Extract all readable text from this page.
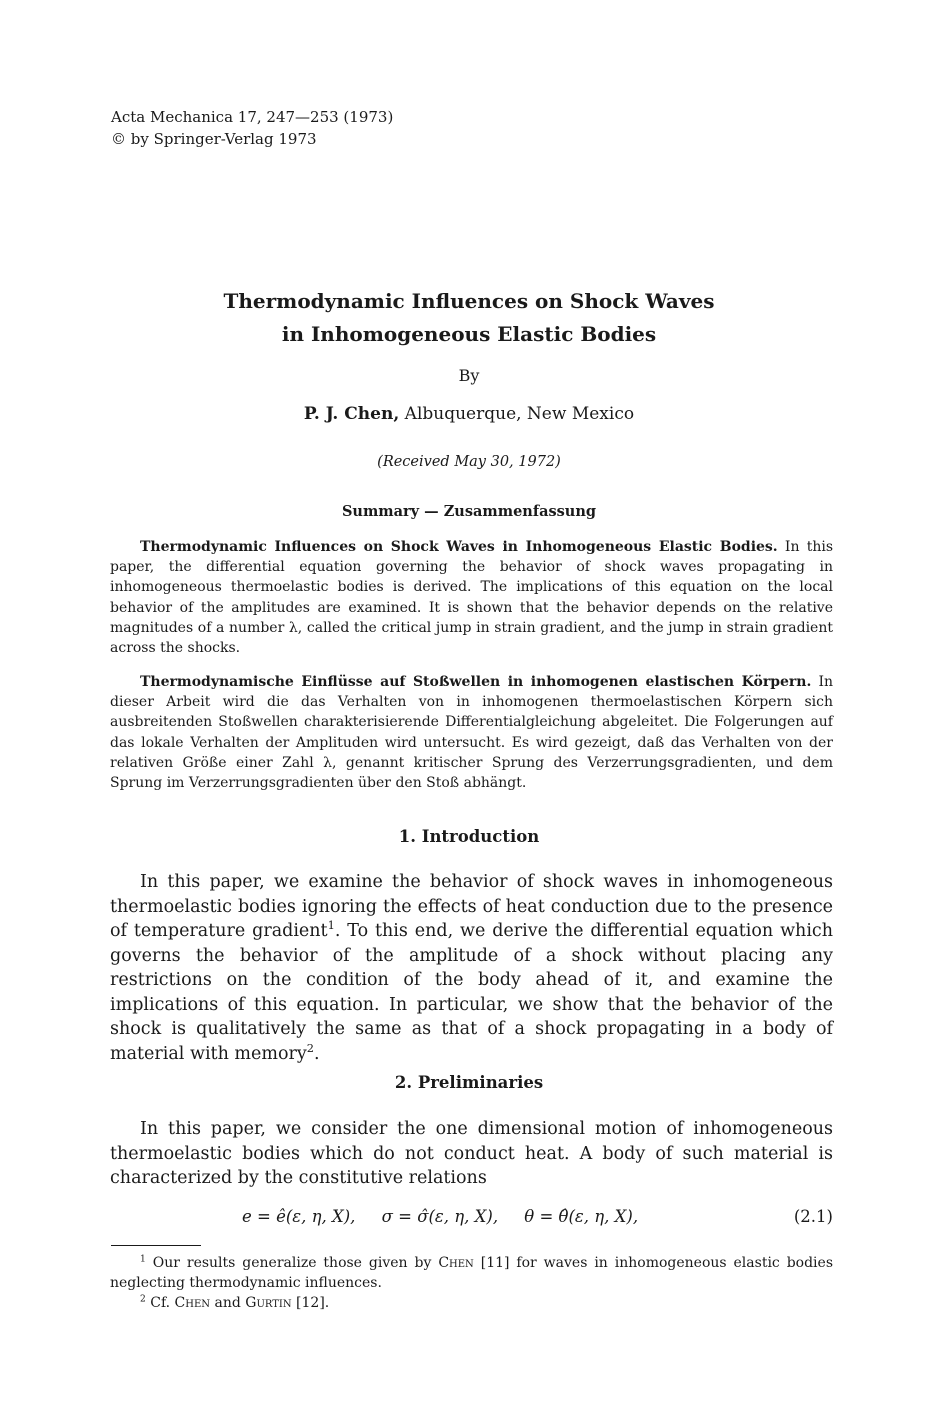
Acta Mechanica 17, 247—253 (1973)
© by Springer-Verlag 1973
Thermodynamic Influences on Shock Waves
in Inhomogeneous Elastic Bodies
By
P. J. Chen, Albuquerque, New Mexico
(Received May 30, 1972)
Summary — Zusammenfassung
Thermodynamic Influences on Shock Waves in Inhomogeneous Elastic Bodies. In this paper, the differential equation governing the behavior of shock waves propagating in inhomogeneous thermoelastic bodies is derived. The implications of this equation on the local behavior of the amplitudes are examined. It is shown that the behavior depends on the relative magnitudes of a number λ, called the critical jump in strain gradient, and the jump in strain gradient across the shocks.
Thermodynamische Einflüsse auf Stoßwellen in inhomogenen elastischen Körpern. In dieser Arbeit wird die das Verhalten von in inhomogenen thermoelastischen Körpern sich ausbreitenden Stoßwellen charakterisierende Differentialgleichung abgeleitet. Die Folgerungen auf das lokale Verhalten der Amplituden wird untersucht. Es wird gezeigt, daß das Verhalten von der relativen Größe einer Zahl λ, genannt kritischer Sprung des Verzerrungsgradienten, und dem Sprung im Verzerrungsgradienten über den Stoß abhängt.
1. Introduction
In this paper, we examine the behavior of shock waves in inhomogeneous thermoelastic bodies ignoring the effects of heat conduction due to the presence of temperature gradient$^1$. To this end, we derive the differential equation which governs the behavior of the amplitude of a shock without placing any restrictions on the condition of the body ahead of it, and examine the implications of this equation. In particular, we show that the behavior of the shock is qualitatively the same as that of a shock propagating in a body of material with memory$^2$.
2. Preliminaries
In this paper, we consider the one dimensional motion of inhomogeneous thermoelastic bodies which do not conduct heat. A body of such material is characterized by the constitutive relations
e = ê(ε, η, X),     σ = σ̂(ε, η, X),     θ = θ̂(ε, η, X),	(2.1)
$^1$ Our results generalize those given by Chen [11] for waves in inhomogeneous elastic bodies neglecting thermodynamic influences.
$^2$ Cf. Chen and Gurtin [12].
